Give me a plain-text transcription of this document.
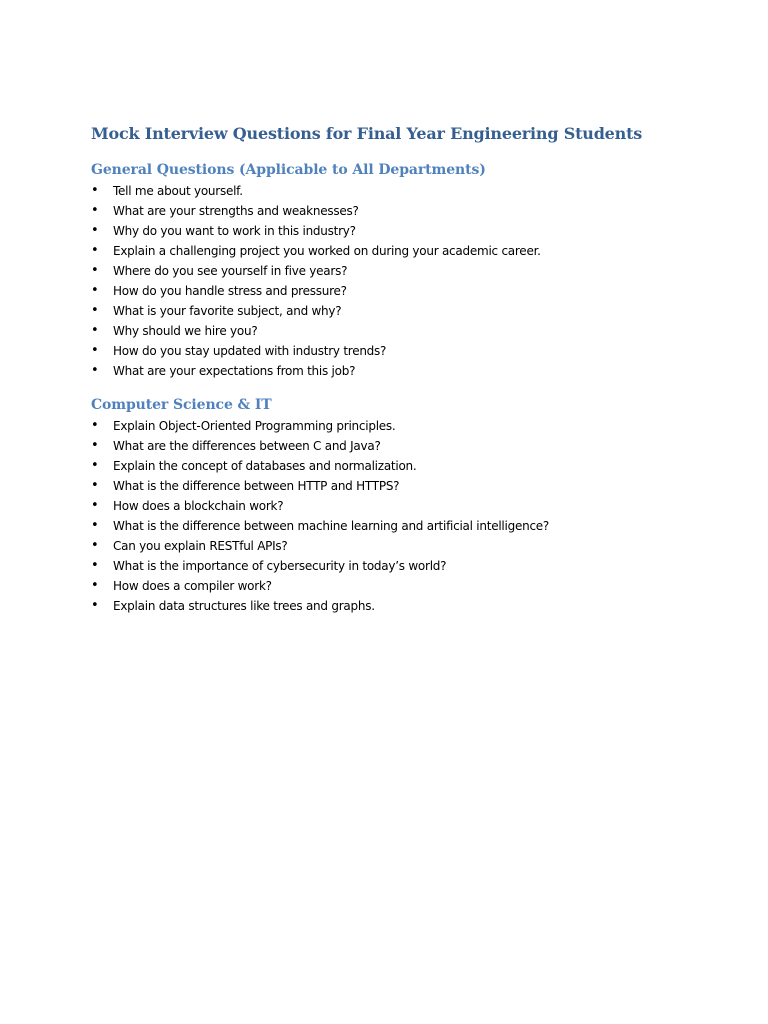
Mock Interview Questions for Final Year Engineering Students
General Questions (Applicable to All Departments)
• Tell me about yourself.
• What are your strengths and weaknesses?
• Why do you want to work in this industry?
• Explain a challenging project you worked on during your academic career.
• Where do you see yourself in five years?
• How do you handle stress and pressure?
• What is your favorite subject, and why?
• Why should we hire you?
• How do you stay updated with industry trends?
• What are your expectations from this job?
Computer Science & IT
• Explain Object-Oriented Programming principles.
• What are the differences between C and Java?
• Explain the concept of databases and normalization.
• What is the difference between HTTP and HTTPS?
• How does a blockchain work?
• What is the difference between machine learning and artificial intelligence?
• Can you explain RESTful APIs?
• What is the importance of cybersecurity in today’s world?
• How does a compiler work?
• Explain data structures like trees and graphs.
